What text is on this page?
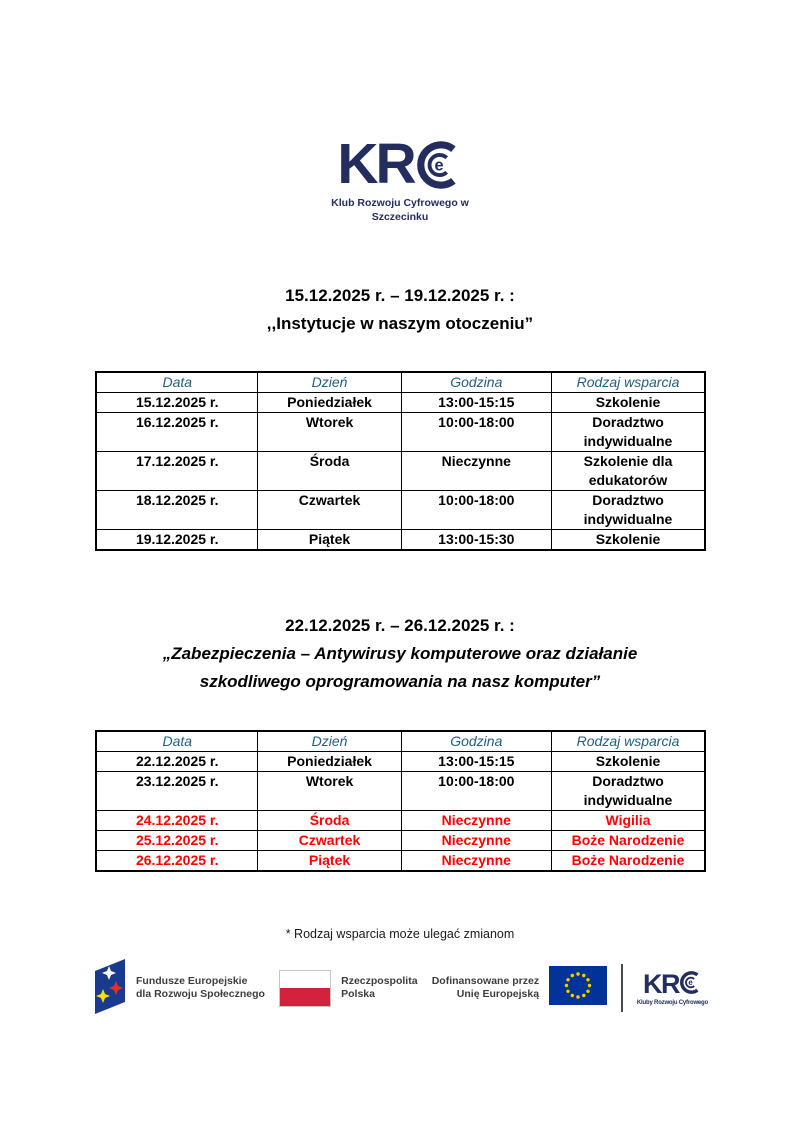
KR e
Klub Rozwoju Cyfrowego w
Szczecinku
15.12.2025 r. – 19.12.2025 r. :
,,Instytucje w naszym otoczeniu”
Data	Dzień	Godzina	Rodzaj wsparcia
15.12.2025 r.	Poniedziałek	13:00-15:15	Szkolenie
16.12.2025 r.	Wtorek	10:00-18:00	Doradztwo indywidualne
17.12.2025 r.	Środa	Nieczynne	Szkolenie dla edukatorów
18.12.2025 r.	Czwartek	10:00-18:00	Doradztwo indywidualne
19.12.2025 r.	Piątek	13:00-15:30	Szkolenie
22.12.2025 r. – 26.12.2025 r. :
„Zabezpieczenia – Antywirusy komputerowe oraz działanie
szkodliwego oprogramowania na nasz komputer”
Data	Dzień	Godzina	Rodzaj wsparcia
22.12.2025 r.	Poniedziałek	13:00-15:15	Szkolenie
23.12.2025 r.	Wtorek	10:00-18:00	Doradztwo indywidualne
24.12.2025 r.	Środa	Nieczynne	Wigilia
25.12.2025 r.	Czwartek	Nieczynne	Boże Narodzenie
26.12.2025 r.	Piątek	Nieczynne	Boże Narodzenie
* Rodzaj wsparcia może ulegać zmianom
Fundusze Europejskie
dla Rozwoju Społecznego
Rzeczpospolita
Polska
Dofinansowane przez
Unię Europejską	KR e
Kluby Rozwoju Cyfrowego
